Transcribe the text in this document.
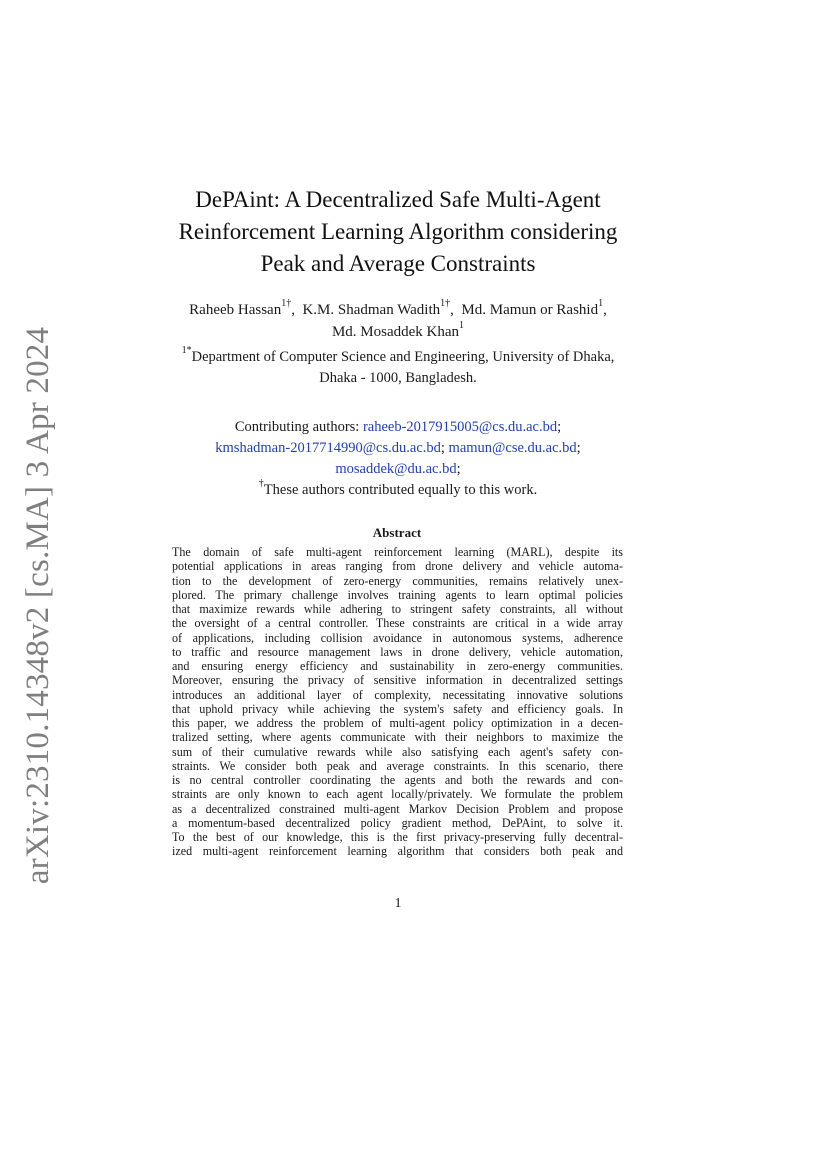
arXiv:2310.14348v2 [cs.MA] 3 Apr 2024
DePAint: A Decentralized Safe Multi-Agent
Reinforcement Learning Algorithm considering
Peak and Average Constraints
Raheeb Hassan$^{1\dagger}$,  K.M. Shadman Wadith$^{1\dagger}$,  Md. Mamun or Rashid$^1$,
Md. Mosaddek Khan$^1$
$^{1*}$Department of Computer Science and Engineering, University of Dhaka,
Dhaka - 1000, Bangladesh.
Contributing authors: raheeb-2017915005@cs.du.ac.bd;
kmshadman-2017714990@cs.du.ac.bd; mamun@cse.du.ac.bd;
mosaddek@du.ac.bd;
†These authors contributed equally to this work.
Abstract
The domain of safe multi-agent reinforcement learning (MARL), despite its
potential applications in areas ranging from drone delivery and vehicle automa-
tion to the development of zero-energy communities, remains relatively unex-
plored. The primary challenge involves training agents to learn optimal policies
that maximize rewards while adhering to stringent safety constraints, all without
the oversight of a central controller. These constraints are critical in a wide array
of applications, including collision avoidance in autonomous systems, adherence
to traffic and resource management laws in drone delivery, vehicle automation,
and ensuring energy efficiency and sustainability in zero-energy communities.
Moreover, ensuring the privacy of sensitive information in decentralized settings
introduces an additional layer of complexity, necessitating innovative solutions
that uphold privacy while achieving the system's safety and efficiency goals. In
this paper, we address the problem of multi-agent policy optimization in a decen-
tralized setting, where agents communicate with their neighbors to maximize the
sum of their cumulative rewards while also satisfying each agent's safety con-
straints. We consider both peak and average constraints. In this scenario, there
is no central controller coordinating the agents and both the rewards and con-
straints are only known to each agent locally/privately. We formulate the problem
as a decentralized constrained multi-agent Markov Decision Problem and propose
a momentum-based decentralized policy gradient method, DePAint, to solve it.
To the best of our knowledge, this is the first privacy-preserving fully decentral-
ized multi-agent reinforcement learning algorithm that considers both peak and
1
